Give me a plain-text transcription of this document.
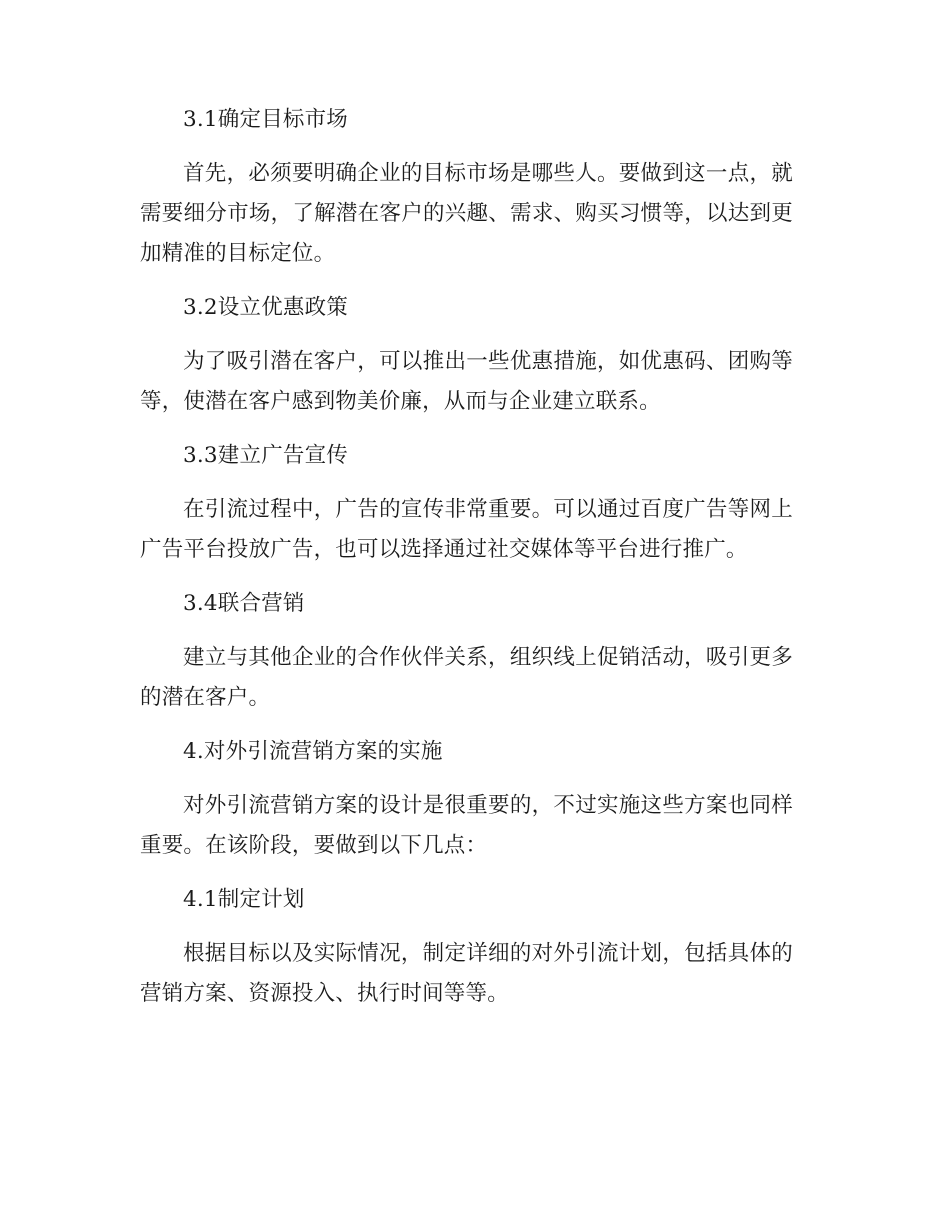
3.1确定目标市场

首先，必须要明确企业的目标市场是哪些人。要做到这一点，就需要细分市场，了解潜在客户的兴趣、需求、购买习惯等，以达到更加精准的目标定位。

3.2设立优惠政策

为了吸引潜在客户，可以推出一些优惠措施，如优惠码、团购等等，使潜在客户感到物美价廉，从而与企业建立联系。

3.3建立广告宣传

在引流过程中，广告的宣传非常重要。可以通过百度广告等网上广告平台投放广告，也可以选择通过社交媒体等平台进行推广。

3.4联合营销

建立与其他企业的合作伙伴关系，组织线上促销活动，吸引更多的潜在客户。

4.对外引流营销方案的实施

对外引流营销方案的设计是很重要的，不过实施这些方案也同样重要。在该阶段，要做到以下几点：

4.1制定计划

根据目标以及实际情况，制定详细的对外引流计划，包括具体的营销方案、资源投入、执行时间等等。
